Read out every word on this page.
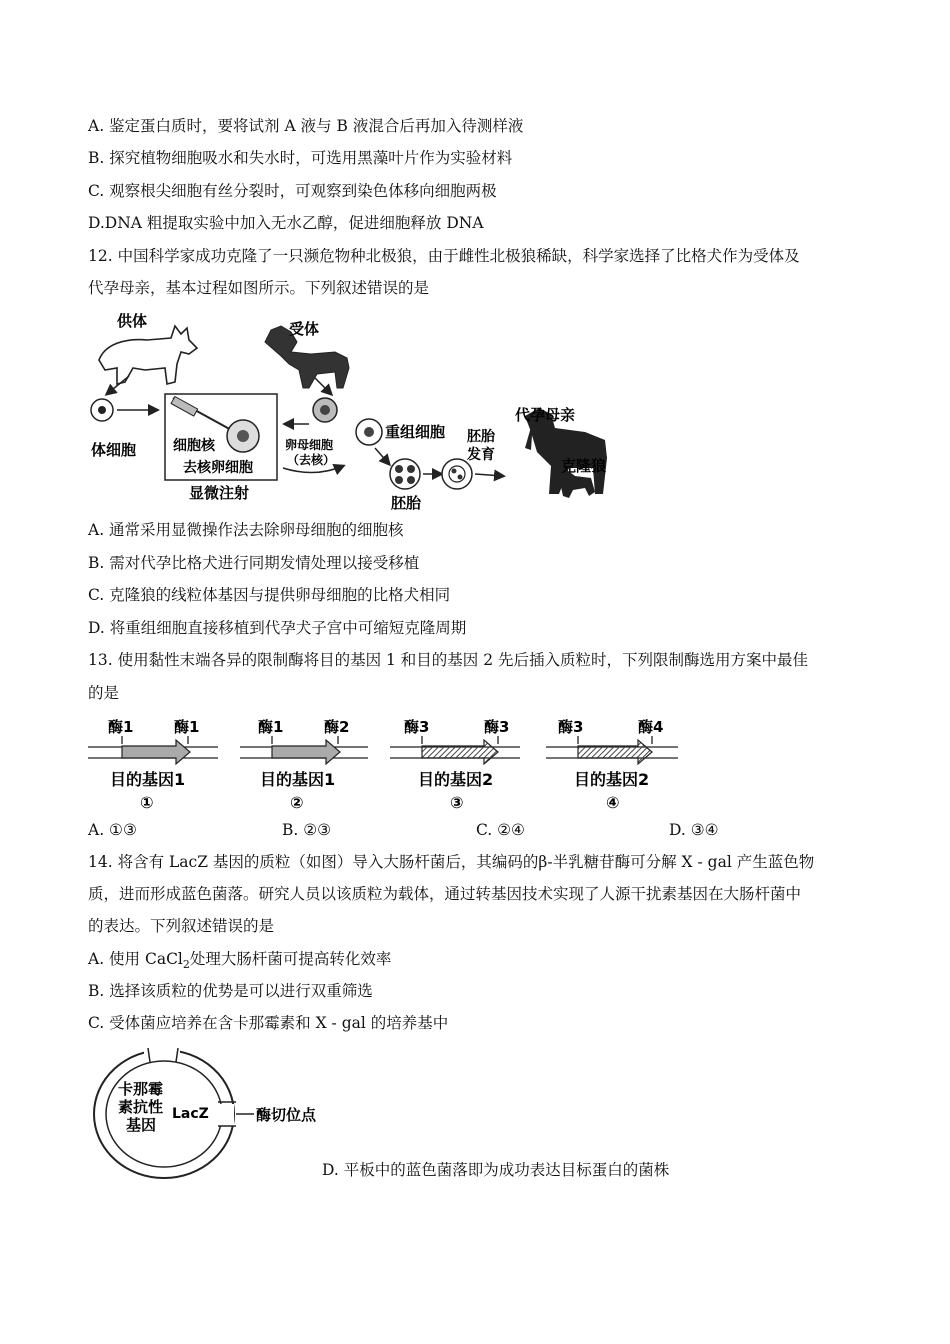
A. 鉴定蛋白质时，要将试剂 A 液与 B 液混合后再加入待测样液
B. 探究植物细胞吸水和失水时，可选用黑藻叶片作为实验材料
C. 观察根尖细胞有丝分裂时，可观察到染色体移向细胞两极
D.DNA 粗提取实验中加入无水乙醇，促进细胞释放 DNA
12. 中国科学家成功克隆了一只濒危物种北极狼，由于雌性北极狼稀缺，科学家选择了比格犬作为受体及
代孕母亲，基本过程如图所示。下列叙述错误的是
供体
体细胞	细胞核
去核卵细胞
显微注射
受体
卵母细胞
（去核）
重组细胞
胚胎
胚胎
发育
代孕母亲
克隆狼
A. 通常采用显微操作法去除卵母细胞的细胞核
B. 需对代孕比格犬进行同期发情处理以接受移植
C. 克隆狼的线粒体基因与提供卵母细胞的比格犬相同
D. 将重组细胞直接移植到代孕犬子宫中可缩短克隆周期
13. 使用黏性末端各异的限制酶将目的基因 1 和目的基因 2 先后插入质粒时，下列限制酶选用方案中最佳
的是
酶1	酶1
目的基因1
①
酶1	酶2
目的基因1
②
酶3	酶3
目的基因2
③
酶3	酶4
目的基因2
④
A. ①③	B. ②③	C. ②④	D. ③④
14. 将含有 LacZ 基因的质粒（如图）导入大肠杆菌后，其编码的β-半乳糖苷酶可分解 X - gal 产生蓝色物
质，进而形成蓝色菌落。研究人员以该质粒为载体，通过转基因技术实现了人源干扰素基因在大肠杆菌中
的表达。下列叙述错误的是
A. 使用 CaCl$_2$处理大肠杆菌可提高转化效率
B. 选择该质粒的优势是可以进行双重筛选
C. 受体菌应培养在含卡那霉素和 X - gal 的培养基中
卡那霉
素抗性
基因
LacZ	酶切位点
D. 平板中的蓝色菌落即为成功表达目标蛋白的菌株
